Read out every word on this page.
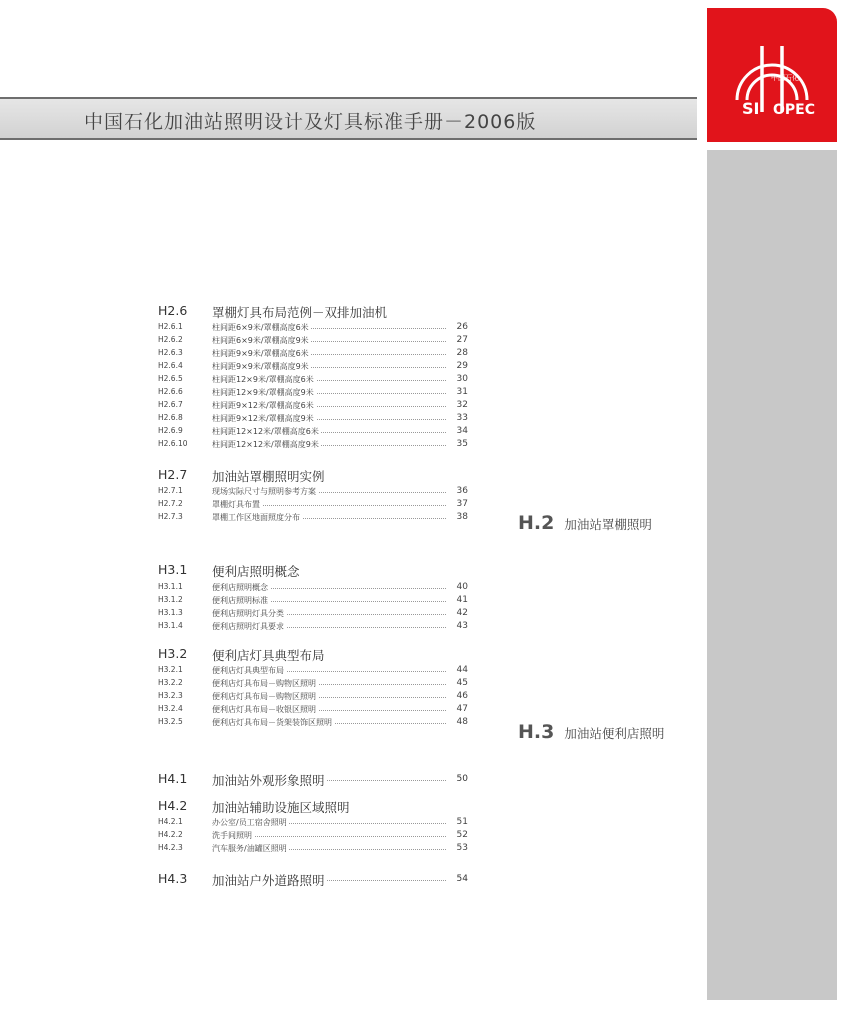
中国石化加油站照明设计及灯具标准手册－2006版
SI OPEC
中国石化
H2.6	罩棚灯具布局范例－双排加油机
H2.6.1	柱间距6×9米/罩棚高度6米	26
H2.6.2	柱间距6×9米/罩棚高度9米	27
H2.6.3	柱间距9×9米/罩棚高度6米	28
H2.6.4	柱间距9×9米/罩棚高度9米	29
H2.6.5	柱间距12×9米/罩棚高度6米	30
H2.6.6	柱间距12×9米/罩棚高度9米	31
H2.6.7	柱间距9×12米/罩棚高度6米	32
H2.6.8	柱间距9×12米/罩棚高度9米	33
H2.6.9	柱间距12×12米/罩棚高度6米	34
H2.6.10	柱间距12×12米/罩棚高度9米	35
H2.7	加油站罩棚照明实例
H2.7.1	现场实际尺寸与照明参考方案	36
H2.7.2	罩棚灯具布置	37
H2.7.3	罩棚工作区地面照度分布	38
H3.1	便利店照明概念
H3.1.1	便利店照明概念	40
H3.1.2	便利店照明标准	41
H3.1.3	便利店照明灯具分类	42
H3.1.4	便利店照明灯具要求	43
H3.2	便利店灯具典型布局
H3.2.1	便利店灯具典型布局	44
H3.2.2	便利店灯具布局－购物区照明	45
H3.2.3	便利店灯具布局－购物区照明	46
H3.2.4	便利店灯具布局－收银区照明	47
H3.2.5	便利店灯具布局－货架装饰区照明	48
H4.1 加油站外观形象照明	50
H4.2	加油站辅助设施区域照明
H4.2.1	办公室/员工宿舍照明	51
H4.2.2	洗手间照明	52
H4.2.3	汽车服务/油罐区照明	53
H4.3 加油站户外道路照明	54
H.2 加油站罩棚照明
H.3 加油站便利店照明
